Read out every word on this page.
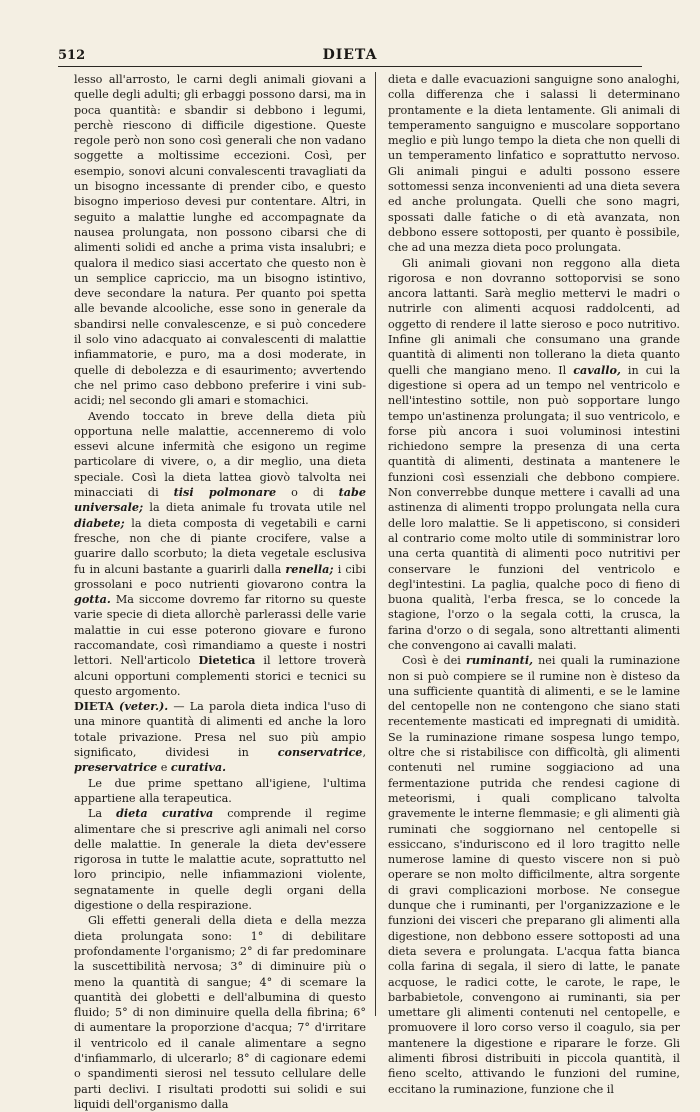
512	DIETA

lesso all'arrosto, le carni degli animali giovani a quelle degli adulti; gli erbaggi possono darsi, ma in poca quantità: e sbandir si debbono i legumi, perchè riescono di difficile digestione. Queste regole però non sono così generali che non vadano soggette a moltissime eccezioni. Così, per esempio, sonovi alcuni convalescenti travagliati da un bisogno incessante di prender cibo, e questo bisogno imperioso devesi pur contentare. Altri, in seguito a malattie lunghe ed accompagnate da nausea prolungata, non possono cibarsi che di alimenti solidi ed anche a prima vista insalubri; e qualora il medico siasi accertato che questo non è un semplice capriccio, ma un bisogno istintivo, deve secondare la natura. Per quanto poi spetta alle bevande alcooliche, esse sono in generale da sbandirsi nelle convalescenze, e si può concedere il solo vino adacquato ai convalescenti di malattie infiammatorie, e puro, ma a dosi moderate, in quelle di debolezza e di esaurimento; avvertendo che nel primo caso debbono preferire i vini sub-acidi; nel secondo gli amari e stomachici.

Avendo toccato in breve della dieta più opportuna nelle malattie, accenneremo di volo essevi alcune infermità che esigono un regime particolare di vivere, o, a dir meglio, una dieta speciale. Così la dieta lattea giovò talvolta nei minacciati di tisi polmonare o di tabe universale; la dieta animale fu trovata utile nel diabete; la dieta composta di vegetabili e carni fresche, non che di piante crocifere, valse a guarire dallo scorbuto; la dieta vegetale esclusiva fu in alcuni bastante a guarirli dalla renella; i cibi grossolani e poco nutrienti giovarono contra la gotta. Ma siccome dovremo far ritorno su queste varie specie di dieta allorchè parlerassi delle varie malattie in cui esse poterono giovare e furono raccomandate, così rimandiamo a queste i nostri lettori. Nell'articolo Dietetica il lettore troverà alcuni opportuni complementi storici e tecnici su questo argomento.

DIETA (veter.). — La parola dieta indica l'uso di una minore quantità di alimenti ed anche la loro totale privazione. Presa nel suo più ampio significato, dividesi in conservatrice, preservatrice e curativa.

Le due prime spettano all'igiene, l'ultima appartiene alla terapeutica.

La dieta curativa comprende il regime alimentare che si prescrive agli animali nel corso delle malattie. In generale la dieta dev'essere rigorosa in tutte le malattie acute, soprattutto nel loro principio, nelle infiammazioni violente, segnatamente in quelle degli organi della digestione o della respirazione.

Gli effetti generali della dieta e della mezza dieta prolungata sono: 1° di debilitare profondamente l'organismo; 2° di far predominare la suscettibilità nervosa; 3° di diminuire più o meno la quantità di sangue; 4° di scemare la quantità dei globetti e dell'albumina di questo fluido; 5° di non diminuire quella della fibrina; 6° di aumentare la proporzione d'acqua; 7° d'irritare il ventricolo ed il canale alimentare a segno d'infiammarlo, di ulcerarlo; 8° di cagionare edemi o spandimenti sierosi nel tessuto cellulare delle parti declivi. I risultati prodotti sui solidi e sui liquidi dell'organismo dalla

dieta e dalle evacuazioni sanguigne sono analoghi, colla differenza che i salassi li determinano prontamente e la dieta lentamente. Gli animali di temperamento sanguigno e muscolare sopportano meglio e più lungo tempo la dieta che non quelli di un temperamento linfatico e soprattutto nervoso. Gli animali pingui e adulti possono essere sottomessi senza inconvenienti ad una dieta severa ed anche prolungata. Quelli che sono magri, spossati dalle fatiche o di età avanzata, non debbono essere sottoposti, per quanto è possibile, che ad una mezza dieta poco prolungata.

Gli animali giovani non reggono alla dieta rigorosa e non dovranno sottoporvisi se sono ancora lattanti. Sarà meglio mettervi le madri o nutrirle con alimenti acquosi raddolcenti, ad oggetto di rendere il latte sieroso e poco nutritivo. Infine gli animali che consumano una grande quantità di alimenti non tollerano la dieta quanto quelli che mangiano meno. Il cavallo, in cui la digestione si opera ad un tempo nel ventricolo e nell'intestino sottile, non può sopportare lungo tempo un'astinenza prolungata; il suo ventricolo, e forse più ancora i suoi voluminosi intestini richiedono sempre la presenza di una certa quantità di alimenti, destinata a mantenere le funzioni così essenziali che debbono compiere. Non converrebbe dunque mettere i cavalli ad una astinenza di alimenti troppo prolungata nella cura delle loro malattie. Se li appetiscono, si consideri al contrario come molto utile di somministrar loro una certa quantità di alimenti poco nutritivi per conservare le funzioni del ventricolo e degl'intestini. La paglia, qualche poco di fieno di buona qualità, l'erba fresca, se lo concede la stagione, l'orzo o la segala cotti, la crusca, la farina d'orzo o di segala, sono altrettanti alimenti che convengono ai cavalli malati.

Così è dei ruminanti, nei quali la ruminazione non si può compiere se il rumine non è disteso da una sufficiente quantità di alimenti, e se le lamine del centopelle non ne contengono che siano stati recentemente masticati ed impregnati di umidità. Se la ruminazione rimane sospesa lungo tempo, oltre che si ristabilisce con difficoltà, gli alimenti contenuti nel rumine soggiaciono ad una fermentazione putrida che rendesi cagione di meteorismi, i quali complicano talvolta gravemente le interne flemmasie; e gli alimenti già ruminati che soggiornano nel centopelle si essiccano, s'induriscono ed il loro tragitto nelle numerose lamine di questo viscere non si può operare se non molto difficilmente, altra sorgente di gravi complicazioni morbose. Ne consegue dunque che i ruminanti, per l'organizzazione e le funzioni dei visceri che preparano gli alimenti alla digestione, non debbono essere sottoposti ad una dieta severa e prolungata. L'acqua fatta bianca colla farina di segala, il siero di latte, le panate acquose, le radici cotte, le carote, le rape, le barbabietole, convengono ai ruminanti, sia per umettare gli alimenti contenuti nel centopelle, e promuovere il loro corso verso il coagulo, sia per mantenere la digestione e riparare le forze. Gli alimenti fibrosi distribuiti in piccola quantità, il fieno scelto, attivando le funzioni del rumine, eccitano la ruminazione, funzione che il
